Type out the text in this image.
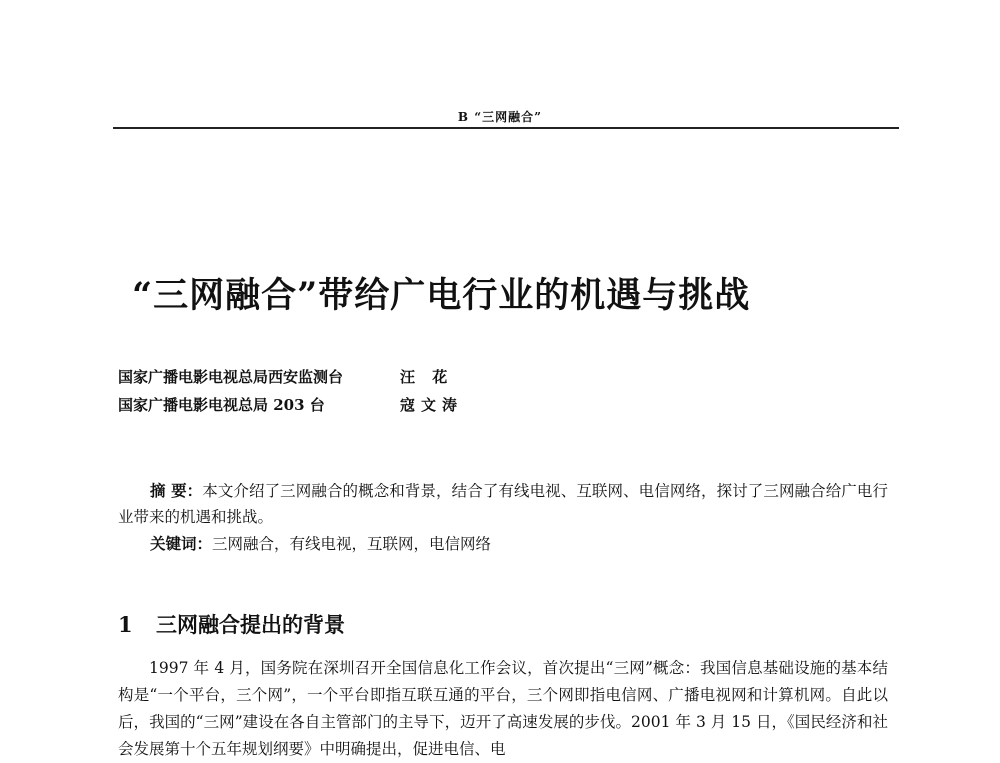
B “三网融合”
“三网融合”带给广电行业的机遇与挑战
国家广播电影电视总局西安监测台	汪 花
国家广播电影电视总局 203 台	寇文涛
摘 要：本文介绍了三网融合的概念和背景，结合了有线电视、互联网、电信网络，探讨了三网融合给广电行业带来的机遇和挑战。
关键词：三网融合，有线电视，互联网，电信网络
1 三网融合提出的背景
1997 年 4 月，国务院在深圳召开全国信息化工作会议，首次提出“三网”概念：我国信息基础设施的基本结构是“一个平台，三个网”，一个平台即指互联互通的平台，三个网即指电信网、广播电视网和计算机网。自此以后，我国的“三网”建设在各自主管部门的主导下，迈开了高速发展的步伐。2001 年 3 月 15 日，《国民经济和社会发展第十个五年规划纲要》中明确提出，促进电信、电
